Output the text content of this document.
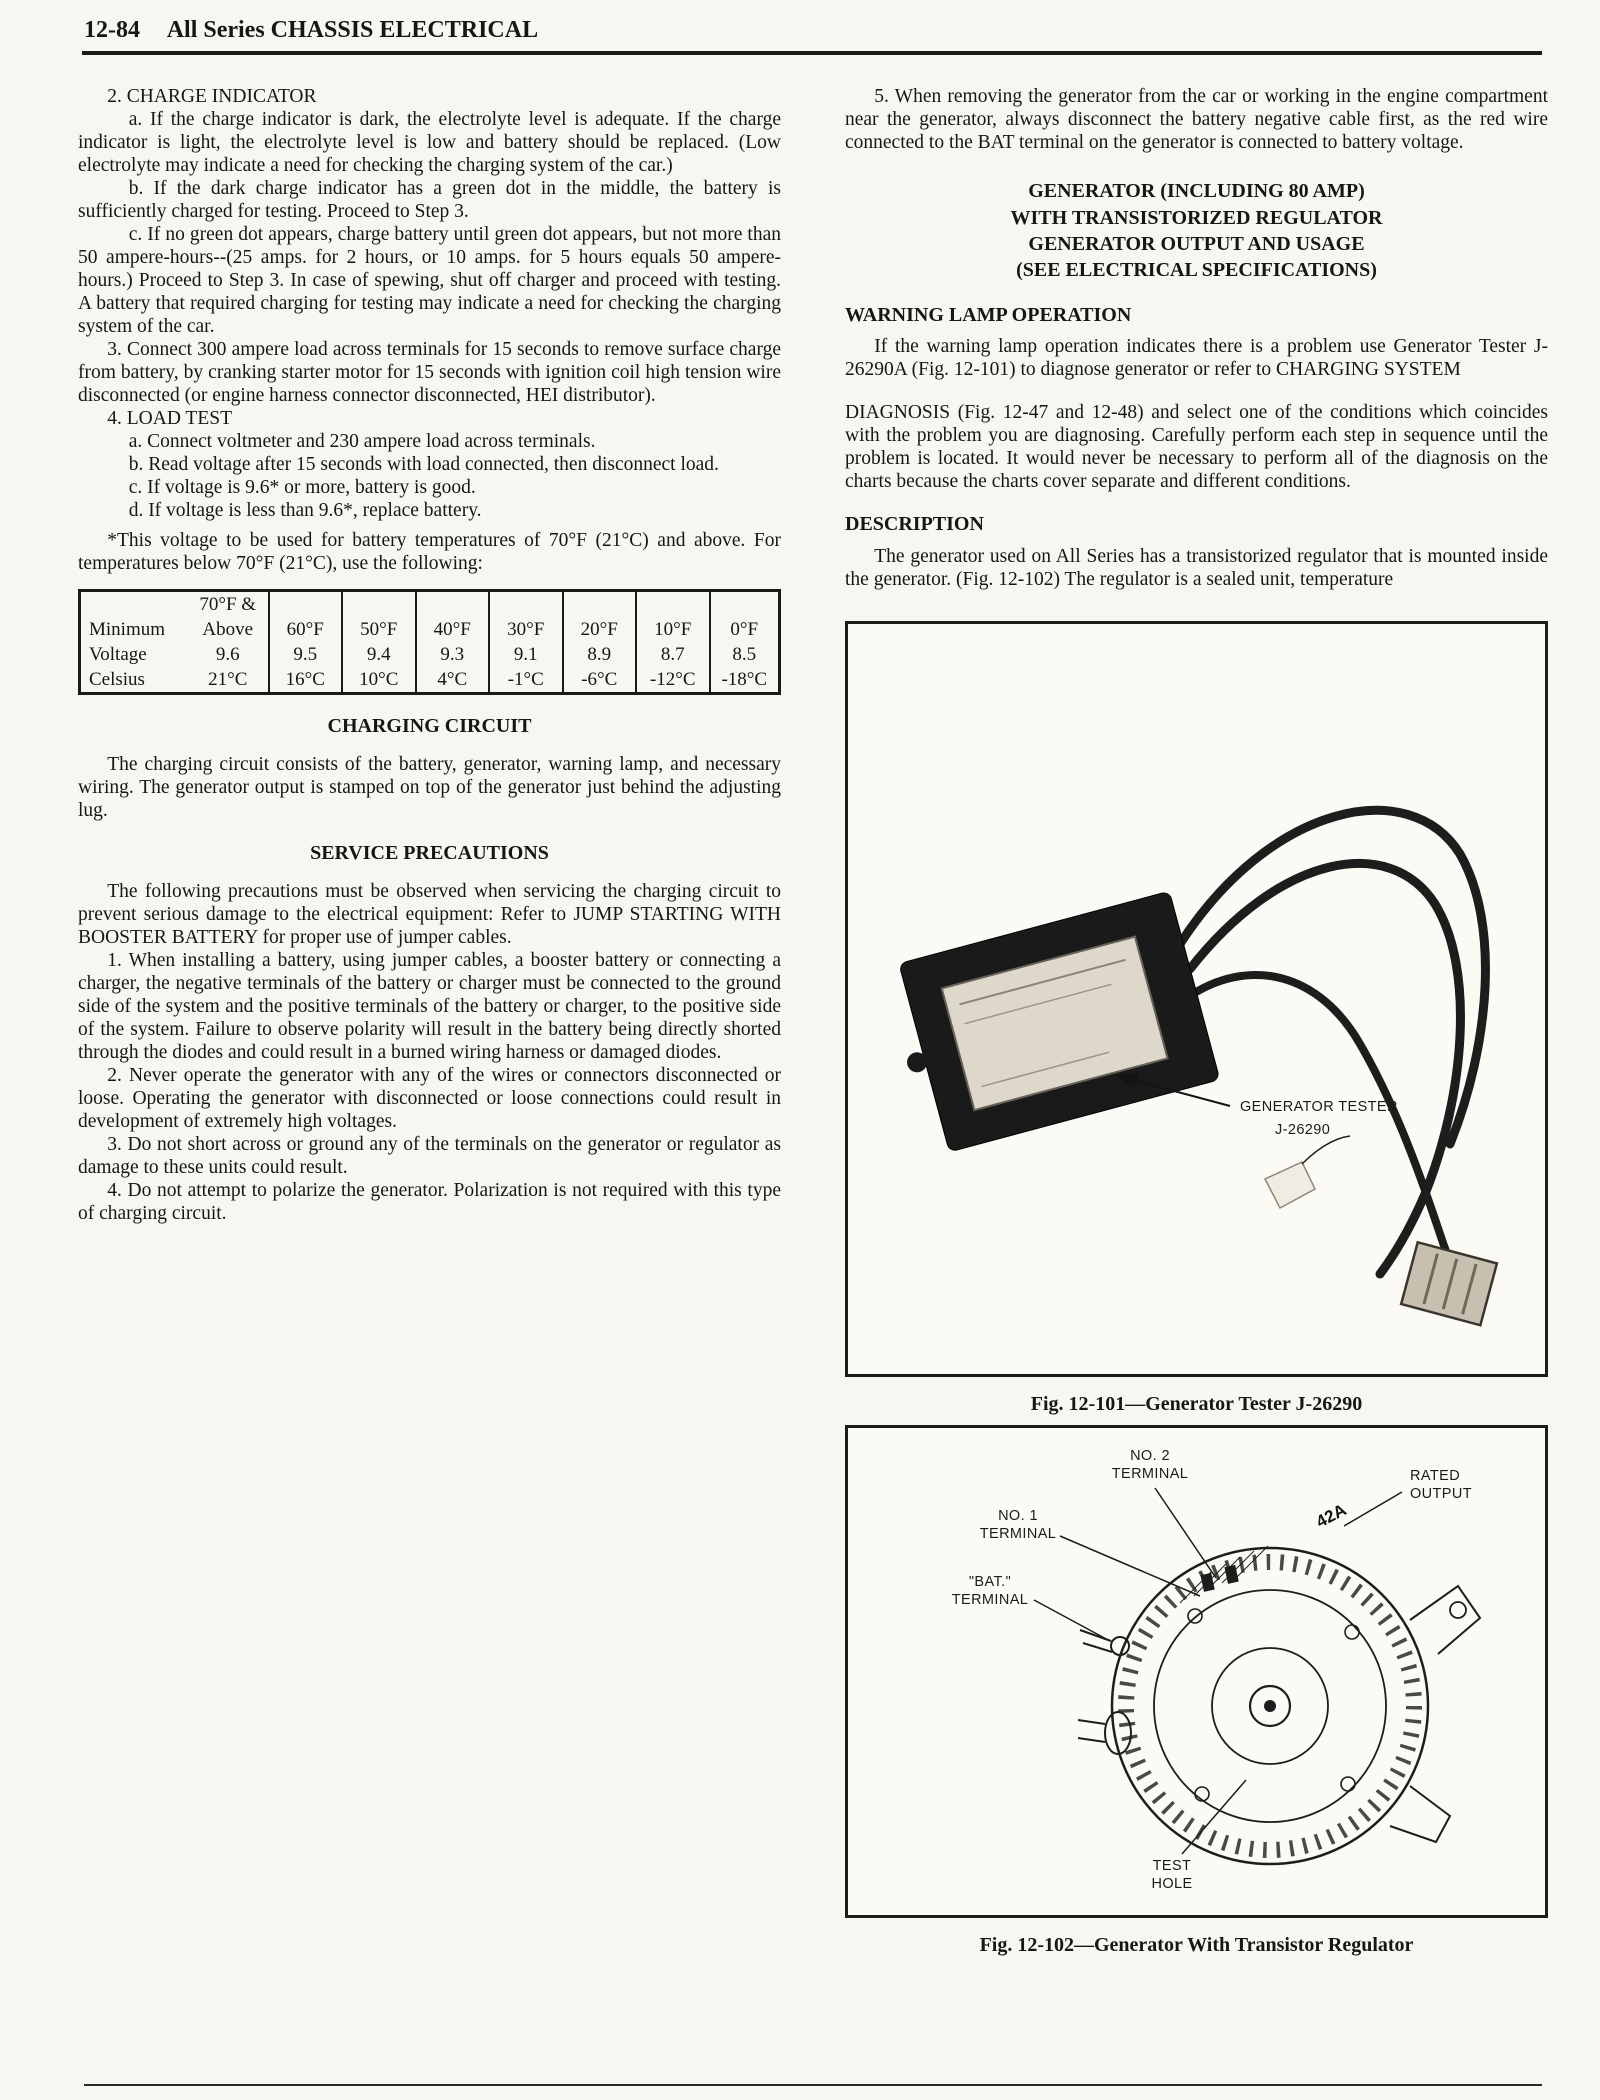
12-84 All Series CHASSIS ELECTRICAL

2. CHARGE INDICATOR

a. If the charge indicator is dark, the electrolyte level is adequate. If the charge indicator is light, the electrolyte level is low and battery should be replaced. (Low electrolyte may indicate a need for checking the charging system of the car.)

b. If the dark charge indicator has a green dot in the middle, the battery is sufficiently charged for testing. Proceed to Step 3.

c. If no green dot appears, charge battery until green dot appears, but not more than 50 ampere-hours--(25 amps. for 2 hours, or 10 amps. for 5 hours equals 50 ampere-hours.) Proceed to Step 3. In case of spewing, shut off charger and proceed with testing. A battery that required charging for testing may indicate a need for checking the charging system of the car.

3. Connect 300 ampere load across terminals for 15 seconds to remove surface charge from battery, by cranking starter motor for 15 seconds with ignition coil high tension wire disconnected (or engine harness connector disconnected, HEI distributor).

4. LOAD TEST

a. Connect voltmeter and 230 ampere load across terminals.

b. Read voltage after 15 seconds with load connected, then disconnect load.

c. If voltage is 9.6* or more, battery is good.

d. If voltage is less than 9.6*, replace battery.

*This voltage to be used for battery temperatures of 70°F (21°C) and above. For temperatures below 70°F (21°C), use the following:

	70°F &							
Minimum	Above	60°F	50°F	40°F	30°F	20°F	10°F	0°F
Voltage	9.6	9.5	9.4	9.3	9.1	8.9	8.7	8.5
Celsius	21°C	16°C	10°C	4°C	-1°C	-6°C	-12°C	-18°C
CHARGING CIRCUIT

The charging circuit consists of the battery, generator, warning lamp, and necessary wiring. The generator output is stamped on top of the generator just behind the adjusting lug.

SERVICE PRECAUTIONS

The following precautions must be observed when servicing the charging circuit to prevent serious damage to the electrical equipment: Refer to JUMP STARTING WITH BOOSTER BATTERY for proper use of jumper cables.

1. When installing a battery, using jumper cables, a booster battery or connecting a charger, the negative terminals of the battery or charger must be connected to the ground side of the system and the positive terminals of the battery or charger, to the positive side of the system. Failure to observe polarity will result in the battery being directly shorted through the diodes and could result in a burned wiring harness or damaged diodes.

2. Never operate the generator with any of the wires or connectors disconnected or loose. Operating the generator with disconnected or loose connections could result in development of extremely high voltages.

3. Do not short across or ground any of the terminals on the generator or regulator as damage to these units could result.

4. Do not attempt to polarize the generator. Polarization is not required with this type of charging circuit.

5. When removing the generator from the car or working in the engine compartment near the generator, always disconnect the battery negative cable first, as the red wire connected to the BAT terminal on the generator is connected to battery voltage.

GENERATOR (INCLUDING 80 AMP)
WITH TRANSISTORIZED REGULATOR
GENERATOR OUTPUT AND USAGE
(SEE ELECTRICAL SPECIFICATIONS)
WARNING LAMP OPERATION

If the warning lamp operation indicates there is a problem use Generator Tester J-26290A (Fig. 12-101) to diagnose generator or refer to CHARGING SYSTEM

DIAGNOSIS (Fig. 12-47 and 12-48) and select one of the conditions which coincides with the problem you are diagnosing. Carefully perform each step in sequence until the problem is located. It would never be necessary to perform all of the diagnosis on the charts because the charts cover separate and different conditions.

DESCRIPTION

The generator used on All Series has a transistorized regulator that is mounted inside the generator. (Fig. 12-102) The regulator is a sealed unit, temperature

GENERATOR TESTER
J-26290
Fig. 12-101—Generator Tester J-26290
42A
NO. 2
TERMINAL
NO. 1
TERMINAL
"BAT."
TERMINAL
RATED
OUTPUT
TEST
HOLE
Fig. 12-102—Generator With Transistor Regulator
